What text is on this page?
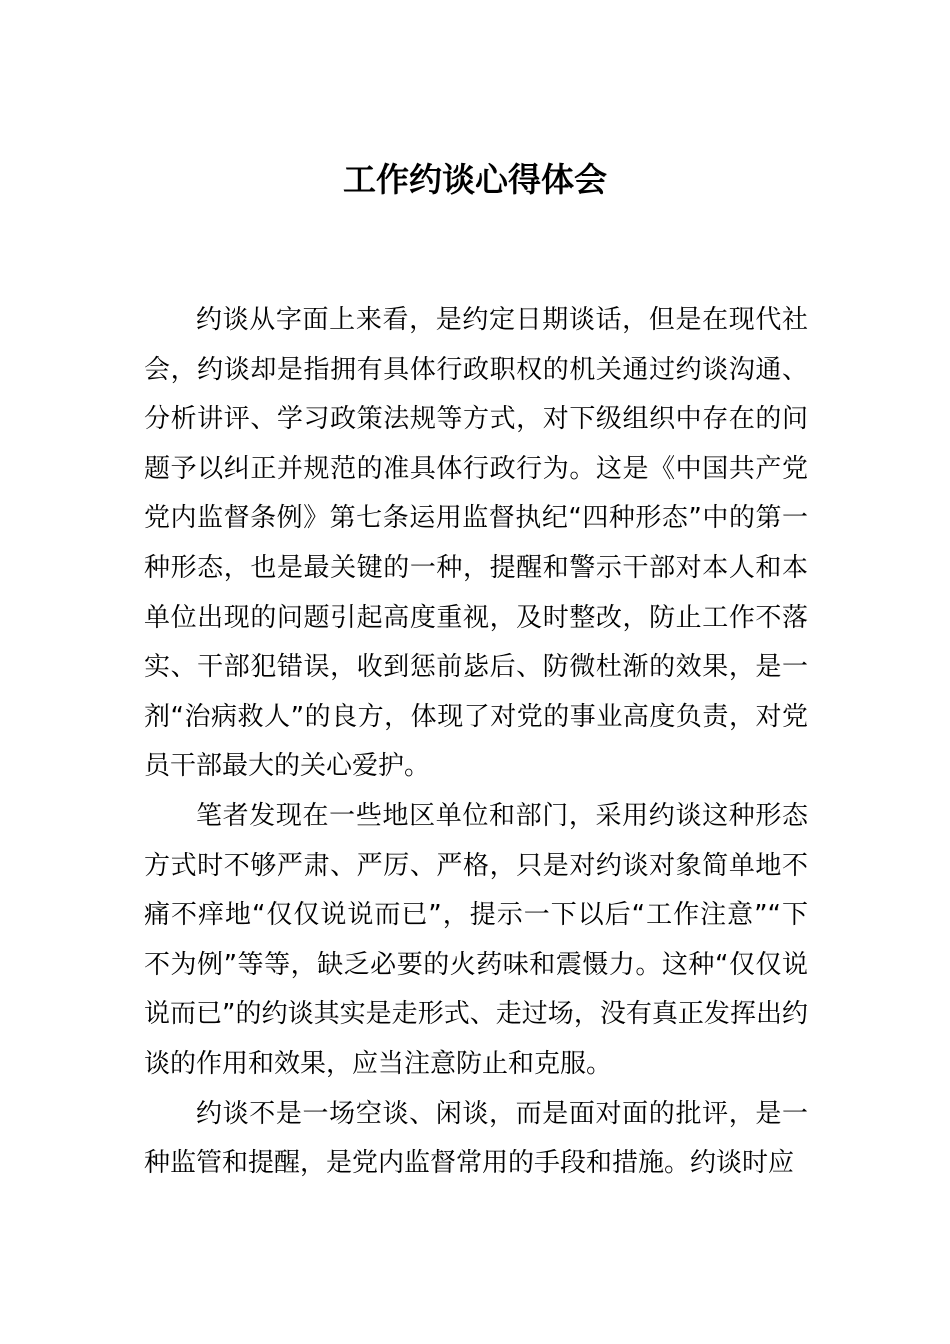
工作约谈心得体会

约谈从字面上来看，是约定日期谈话，但是在现代社会，约谈却是指拥有具体行政职权的机关通过约谈沟通、分析讲评、学习政策法规等方式，对下级组织中存在的问题予以纠正并规范的准具体行政行为。这是《中国共产党党内监督条例》第七条运用监督执纪“四种形态”中的第一种形态，也是最关键的一种，提醒和警示干部对本人和本单位出现的问题引起高度重视，及时整改，防止工作不落实、干部犯错误，收到惩前毖后、防微杜渐的效果，是一剂“治病救人”的良方，体现了对党的事业高度负责，对党员干部最大的关心爱护。

笔者发现在一些地区单位和部门，采用约谈这种形态方式时不够严肃、严厉、严格，只是对约谈对象简单地不痛不痒地“仅仅说说而已”，提示一下以后“工作注意”“下不为例”等等，缺乏必要的火药味和震慑力。这种“仅仅说说而已”的约谈其实是走形式、走过场，没有真正发挥出约谈的作用和效果，应当注意防止和克服。

约谈不是一场空谈、闲谈，而是面对面的批评，是一种监管和提醒，是党内监督常用的手段和措施。约谈时应
